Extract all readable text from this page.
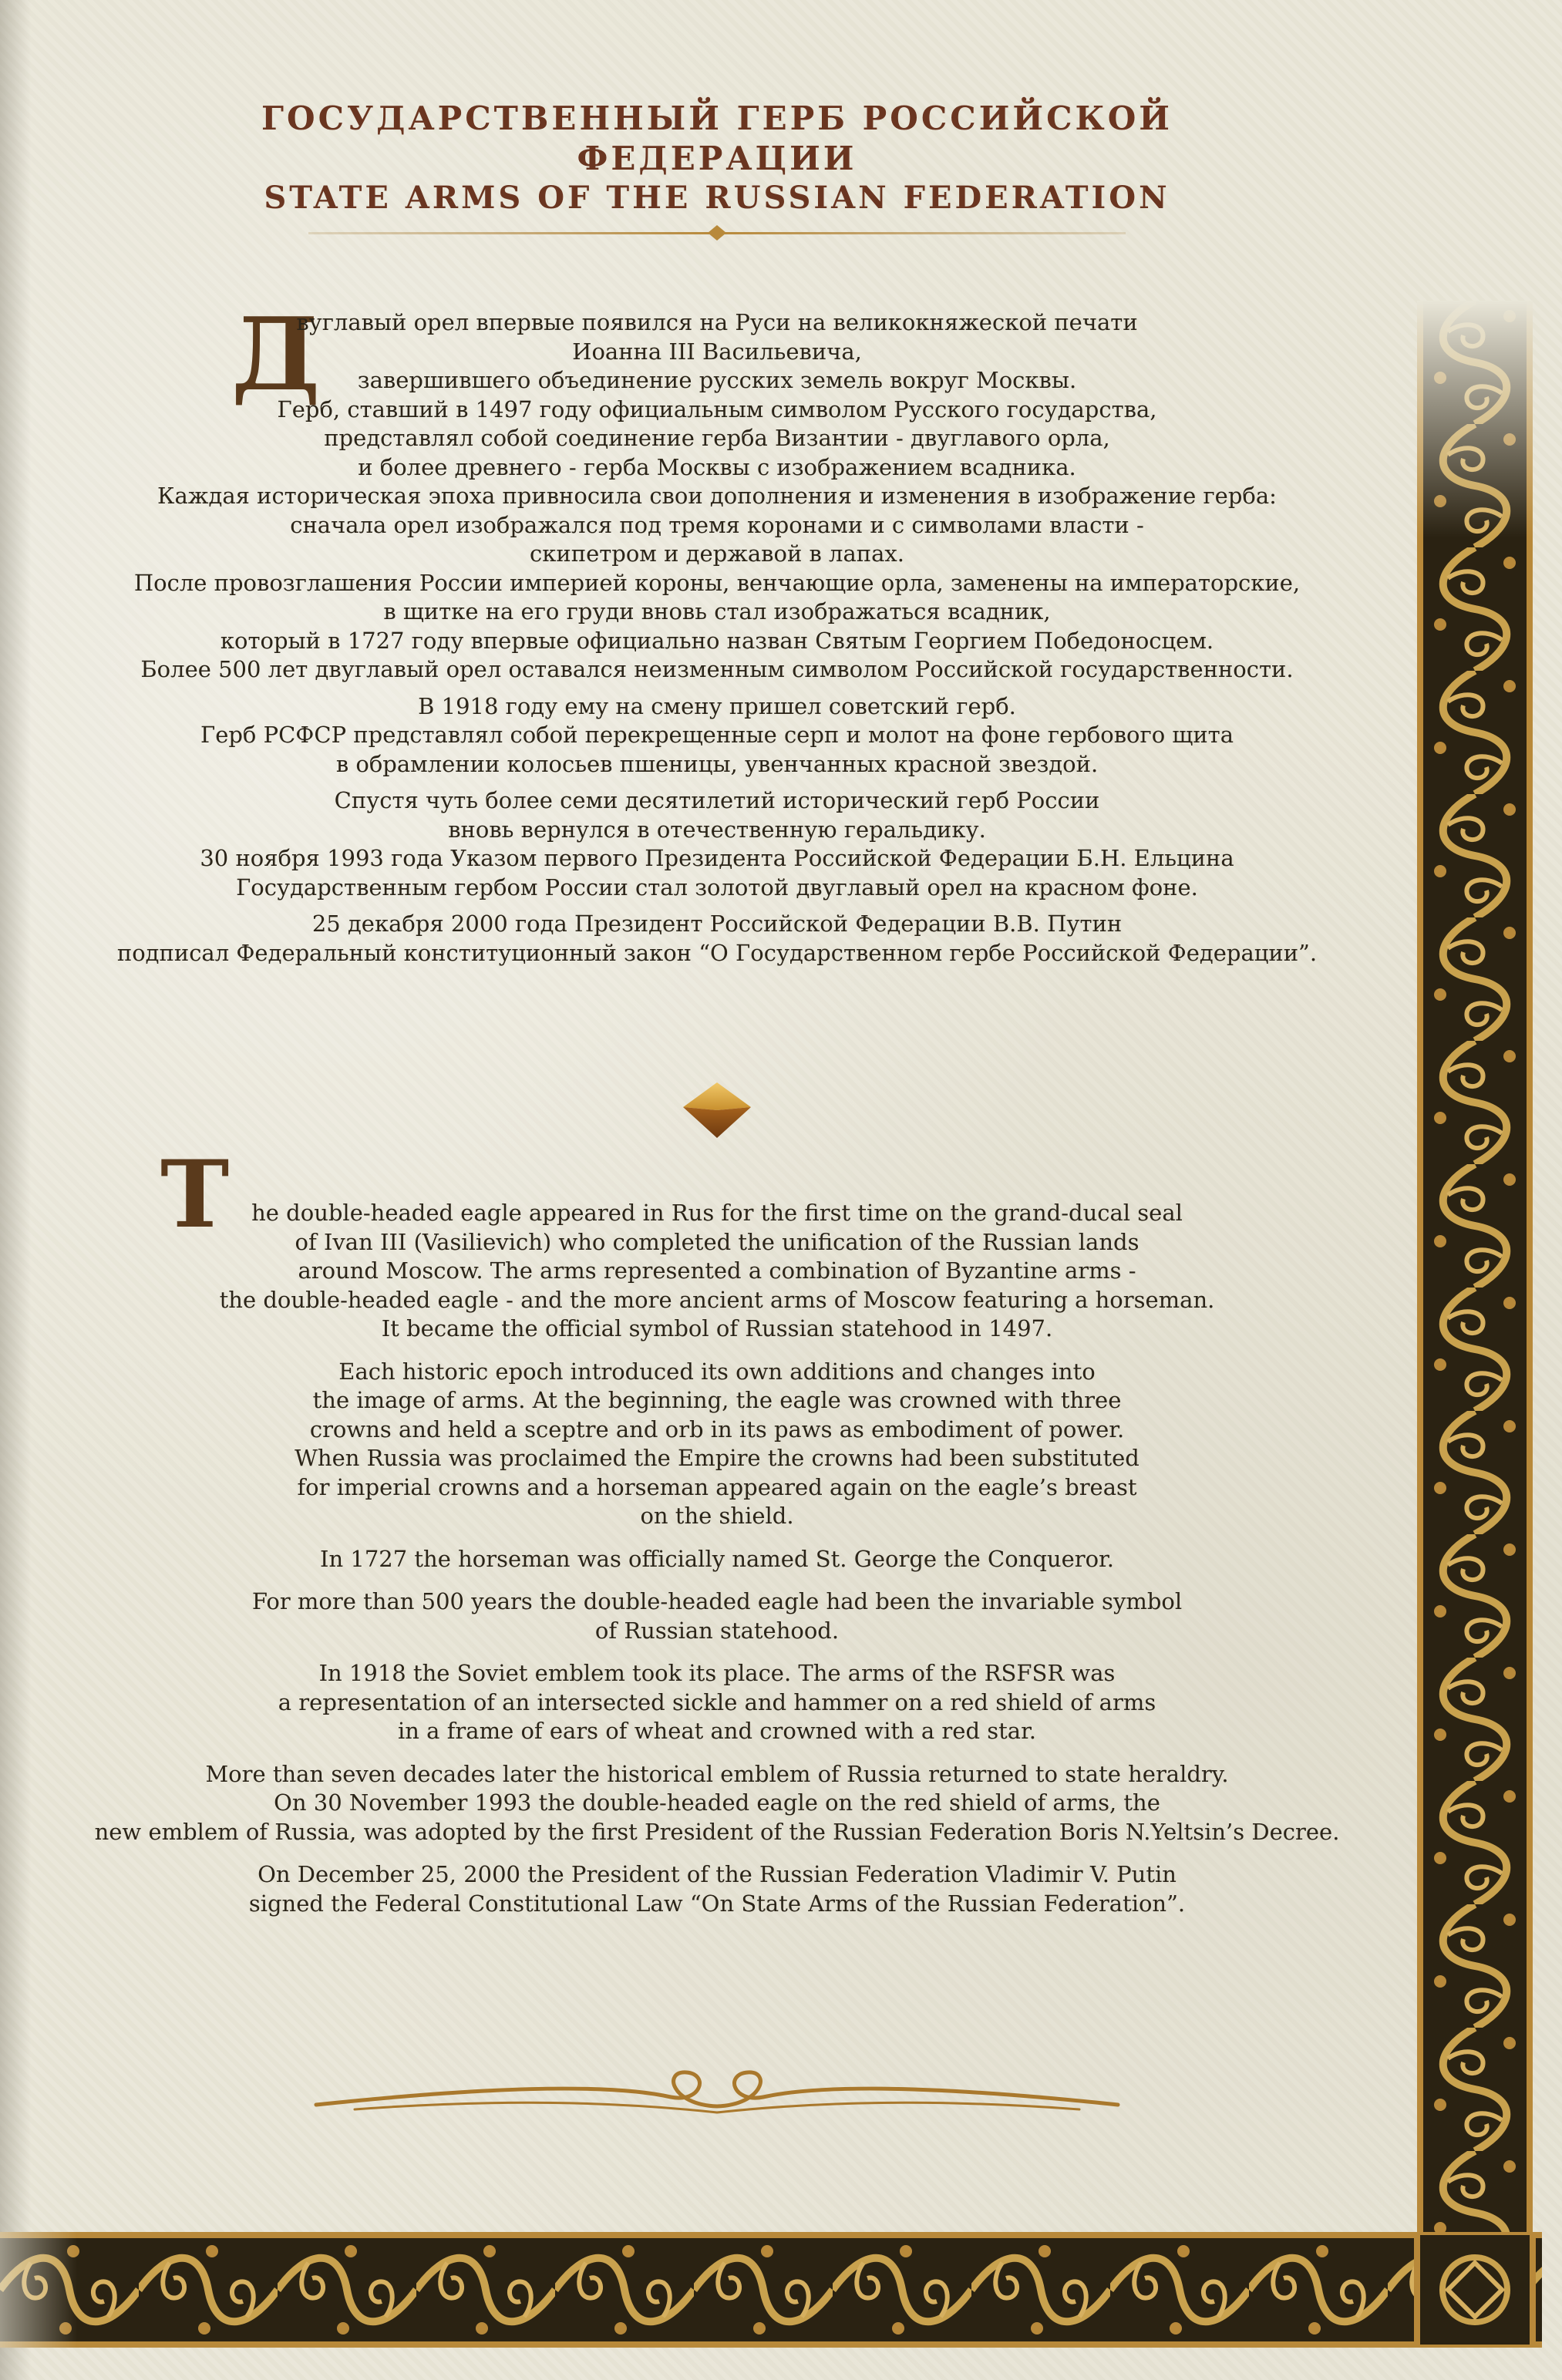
ГОСУДАРСТВЕННЫЙ ГЕРБ РОССИЙСКОЙ ФЕДЕРАЦИИ
STATE ARMS OF THE RUSSIAN FEDERATION
Д

вуглавый орел впервые появился на Руси на великокняжеской печати
Иоанна III Васильевича,
завершившего объединение русских земель вокруг Москвы.
Герб, ставший в 1497 году официальным символом Русского государства,
представлял собой соединение герба Византии - двуглавого орла,
и более древнего - герба Москвы с изображением всадника.
Каждая историческая эпоха привносила свои дополнения и изменения в изображение герба:
сначала орел изображался под тремя коронами и с символами власти -
скипетром и державой в лапах.
После провозглашения России империей короны, венчающие орла, заменены на императорские,
в щитке на его груди вновь стал изображаться всадник,
который в 1727 году впервые официально назван Святым Георгием Победоносцем.
Более 500 лет двуглавый орел оставался неизменным символом Российской государственности.

В 1918 году ему на смену пришел советский герб.
Герб РСФСР представлял собой перекрещенные серп и молот на фоне гербового щита
в обрамлении колосьев пшеницы, увенчанных красной звездой.

Спустя чуть более семи десятилетий исторический герб России
вновь вернулся в отечественную геральдику.
30 ноября 1993 года Указом первого Президента Российской Федерации Б.Н. Ельцина
Государственным гербом России стал золотой двуглавый орел на красном фоне.

25 декабря 2000 года Президент Российской Федерации В.В. Путин
подписал Федеральный конституционный закон “О Государственном гербе Российской Федерации”.

T he double-headed eagle appeared in Rus for the first time on the grand-ducal seal
of Ivan III (Vasilievich) who completed the unification of the Russian lands
around Moscow. The arms represented a combination of Byzantine arms -
the double-headed eagle - and the more ancient arms of Moscow featuring a horseman.
It became the official symbol of Russian statehood in 1497.

Each historic epoch introduced its own additions and changes into
the image of arms. At the beginning, the eagle was crowned with three
crowns and held a sceptre and orb in its paws as embodiment of power.
When Russia was proclaimed the Empire the crowns had been substituted
for imperial crowns and a horseman appeared again on the eagle’s breast
on the shield.

In 1727 the horseman was officially named St. George the Conqueror.

For more than 500 years the double-headed eagle had been the invariable symbol
of Russian statehood.

In 1918 the Soviet emblem took its place. The arms of the RSFSR was
a representation of an intersected sickle and hammer on a red shield of arms
in a frame of ears of wheat and crowned with a red star.

More than seven decades later the historical emblem of Russia returned to state heraldry.
On 30 November 1993 the double-headed eagle on the red shield of arms, the
new emblem of Russia, was adopted by the first President of the Russian Federation Boris N.Yeltsin’s Decree.

On December 25, 2000 the President of the Russian Federation Vladimir V. Putin
signed the Federal Constitutional Law “On State Arms of the Russian Federation”.
